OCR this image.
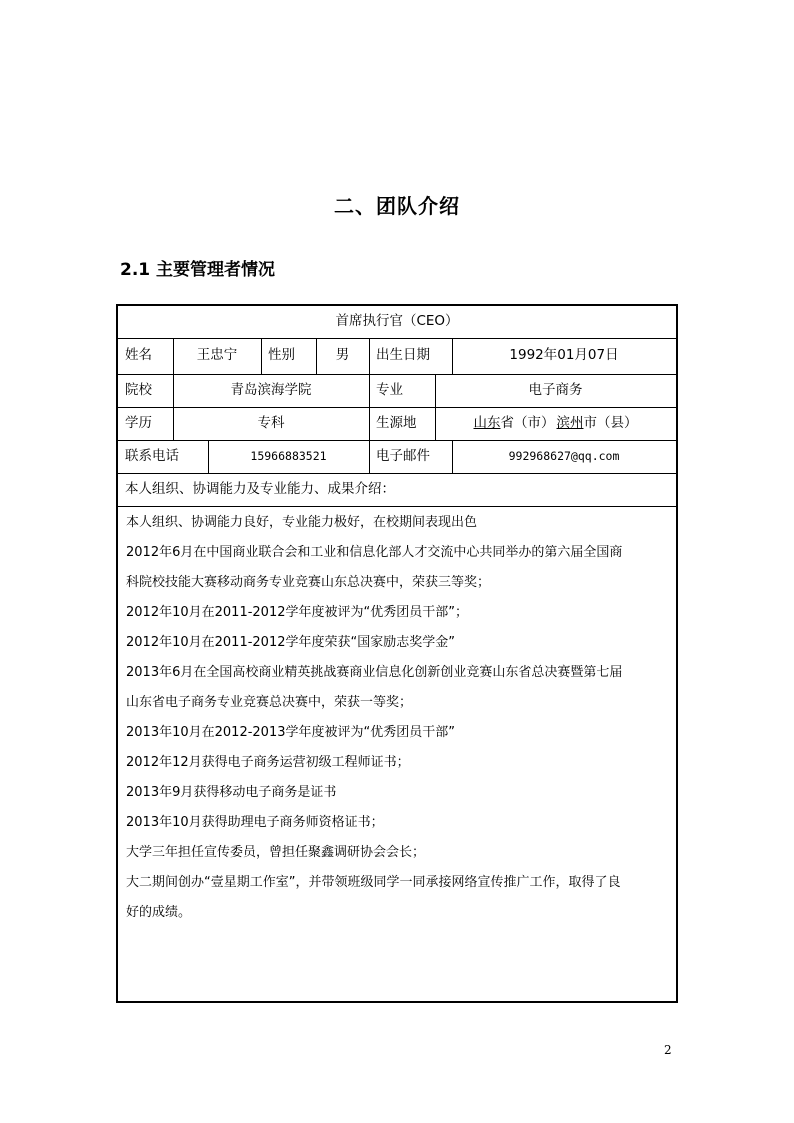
二、团队介绍
2.1 主要管理者情况
首席执行官（CEO）
姓名	王忠宁	性别	男	出生日期	1992年01月07日
院校	青岛滨海学院	专业	电子商务
学历	专科	生源地	山东 省（市） 滨州 市（县）
联系电话	15966883521	电子邮件	992968627@qq.com
本人组织、协调能力及专业能力、成果介绍：
本人组织、协调能力良好，专业能力极好，在校期间表现出色
2012年6月在中国商业联合会和工业和信息化部人才交流中心共同举办的第六届全国商
科院校技能大赛移动商务专业竞赛山东总决赛中，荣获三等奖；
2012年10月在2011-2012学年度被评为“优秀团员干部”；
2012年10月在2011-2012学年度荣获“国家励志奖学金”
2013年6月在全国高校商业精英挑战赛商业信息化创新创业竞赛山东省总决赛暨第七届
山东省电子商务专业竞赛总决赛中，荣获一等奖；
2013年10月在2012-2013学年度被评为“优秀团员干部”
2012年12月获得电子商务运营初级工程师证书；
2013年9月获得移动电子商务是证书
2013年10月获得助理电子商务师资格证书；
大学三年担任宣传委员，曾担任聚鑫调研协会会长；
大二期间创办“壹星期工作室”，并带领班级同学一同承接网络宣传推广工作，取得了良
好的成绩。
2
